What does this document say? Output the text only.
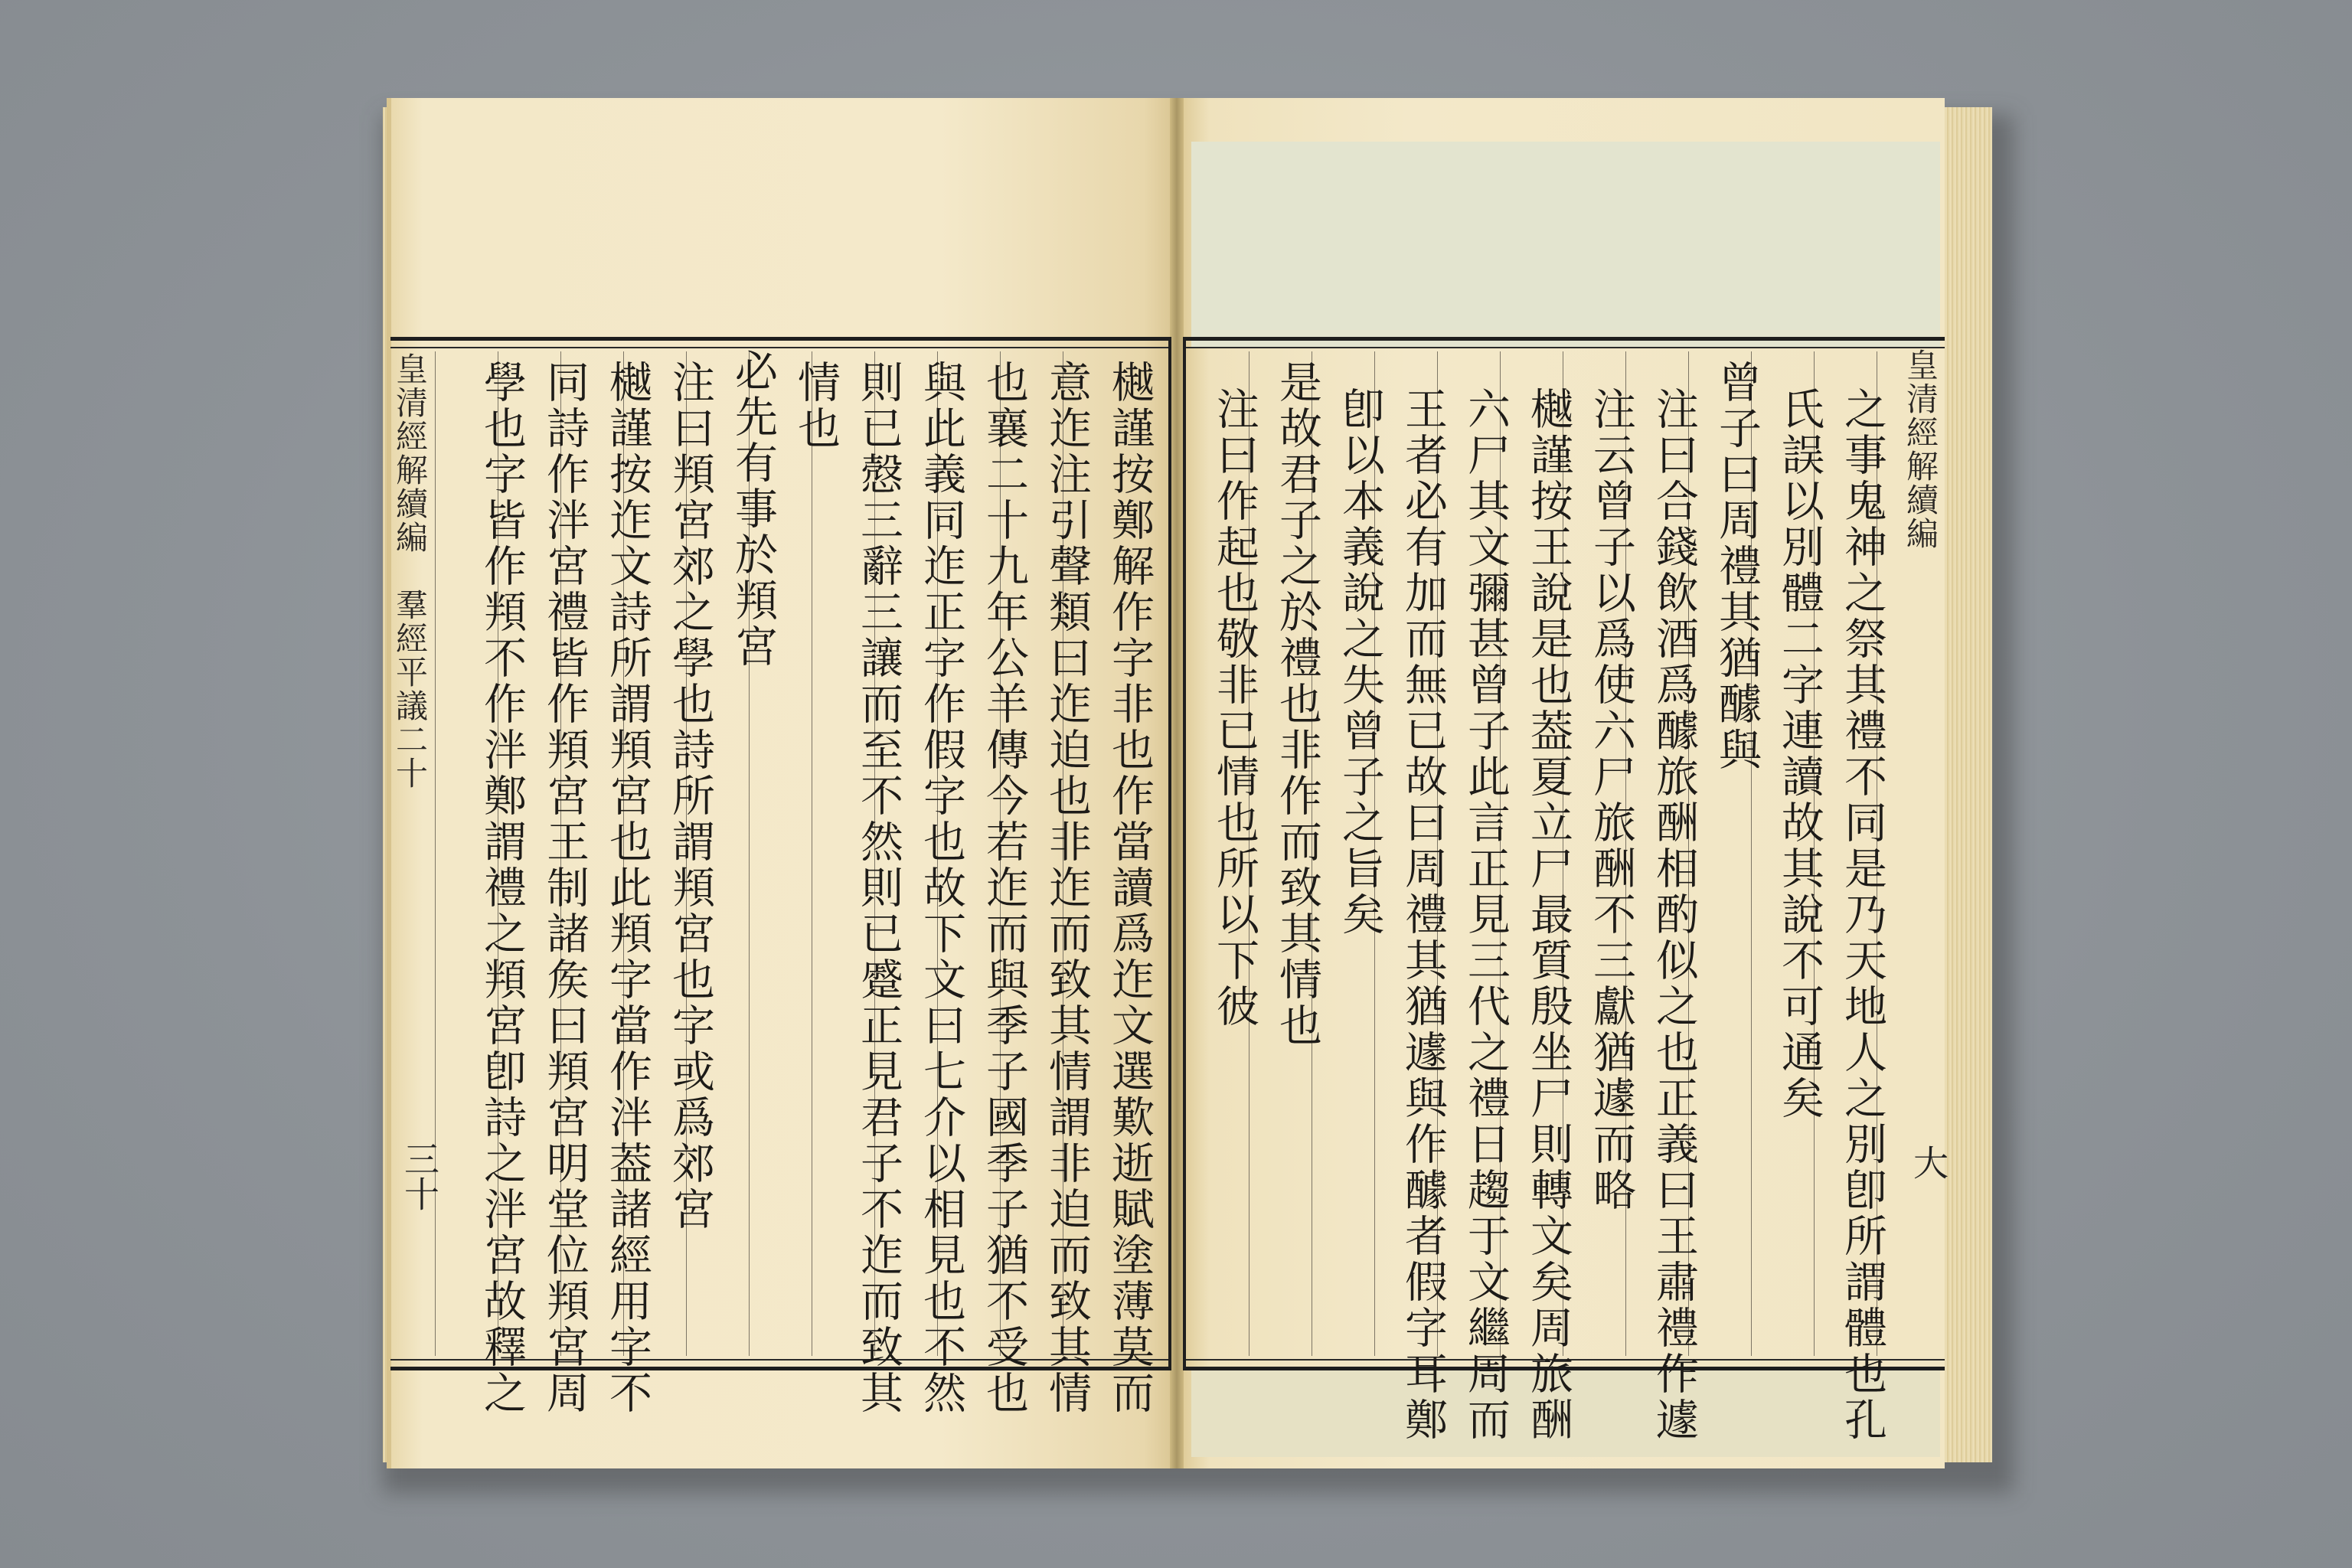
皇清經解續編　羣經平議二十
三十
皇清經解續編
大
樾謹按鄭解作字非也作當讀爲迮文選歎逝賦塗薄莫而
意迮注引聲類曰迮迫也非迮而致其情謂非迫而致其情
也襄二十九年公羊傳今若迮而與季子國季子猶不受也
與此義同迮正字作假字也故下文曰七介以相見也不然
則已慤三辭三讓而至不然則已蹙正見君子不迮而致其
情也
必先有事於頖宮
注曰頖宮郊之學也詩所謂頖宮也字或爲郊宮
樾謹按迮文詩所謂頖宮也此頖字當作泮葢諸經用字不
同詩作泮宮禮皆作頖宮王制諸矦曰頖宮明堂位頖宮周
學也字皆作頖不作泮鄭謂禮之頖宮卽詩之泮宮故釋之	之事鬼神之祭其禮不同是乃天地人之別卽所謂體也孔
氏誤以別體二字連讀故其說不可通矣
曾子曰周禮其猶醵與
注曰合錢飲酒爲醵旅酬相酌似之也正義曰王肅禮作遽
注云曾子以爲使六尸旅酬不三獻猶遽而略
樾謹按王說是也葢夏立尸最質殷坐尸則轉文矣周旅酬
六尸其文彌甚曾子此言正見三代之禮日趨于文繼周而
王者必有加而無已故曰周禮其猶遽與作醵者假字耳鄭
卽以本義說之失曾子之旨矣
是故君子之於禮也非作而致其情也
注曰作起也敬非已情也所以下彼
